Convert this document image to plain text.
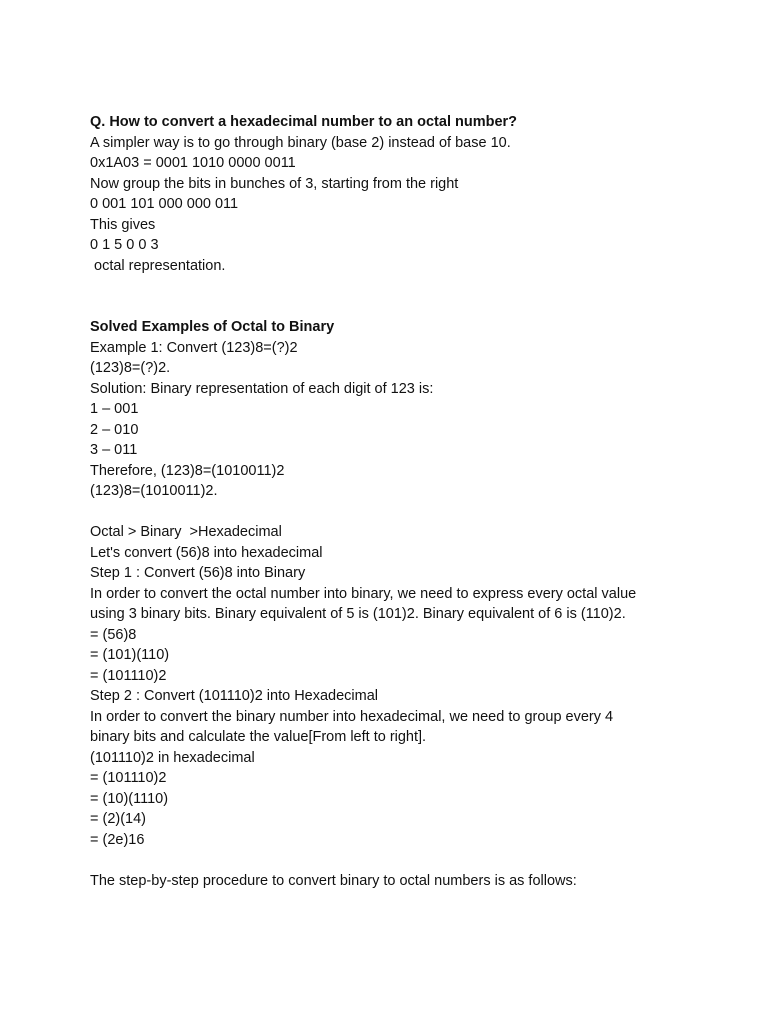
Q. How to convert a hexadecimal number to an octal number?
A simpler way is to go through binary (base 2) instead of base 10.
0x1A03 = 0001 1010 0000 0011
Now group the bits in bunches of 3, starting from the right
0 001 101 000 000 011
This gives
0 1 5 0 0 3
octal representation.
Solved Examples of Octal to Binary
Example 1: Convert (123)8=(?)2
(123)8=(?)2.
Solution: Binary representation of each digit of 123 is:
1 – 001
2 – 010
3 – 011
Therefore, (123)8=(1010011)2
(123)8=(1010011)2.
Octal > Binary  >Hexadecimal
Let's convert (56)8 into hexadecimal
Step 1 : Convert (56)8 into Binary
In order to convert the octal number into binary, we need to express every octal value
using 3 binary bits. Binary equivalent of 5 is (101)2. Binary equivalent of 6 is (110)2.
= (56)8
= (101)(110)
= (101110)2
Step 2 : Convert (101110)2 into Hexadecimal
In order to convert the binary number into hexadecimal, we need to group every 4
binary bits and calculate the value[From left to right].
(101110)2 in hexadecimal
= (101110)2
= (10)(1110)
= (2)(14)
= (2e)16
The step-by-step procedure to convert binary to octal numbers is as follows:
